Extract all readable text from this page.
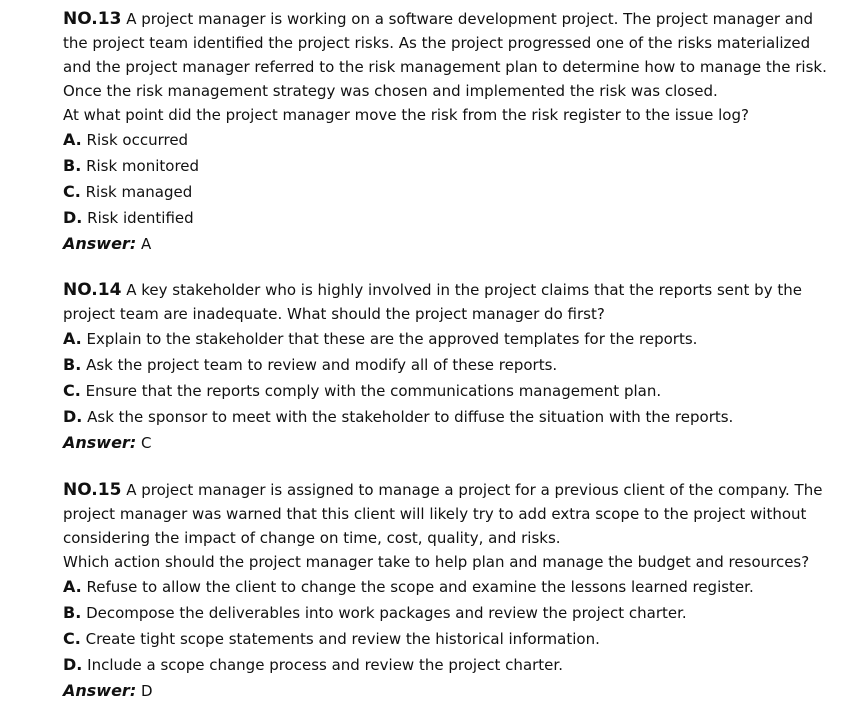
NO.13 A project manager is working on a software development project. The project manager and the project team identified the project risks. As the project progressed one of the risks materialized and the project manager referred to the risk management plan to determine how to manage the risk. Once the risk management strategy was chosen and implemented the risk was closed.

At what point did the project manager move the risk from the risk register to the issue log?

A. Risk occurred

B. Risk monitored

C. Risk managed

D. Risk identified

Answer: A

NO.14 A key stakeholder who is highly involved in the project claims that the reports sent by the project team are inadequate. What should the project manager do first?

A. Explain to the stakeholder that these are the approved templates for the reports.

B. Ask the project team to review and modify all of these reports.

C. Ensure that the reports comply with the communications management plan.

D. Ask the sponsor to meet with the stakeholder to diffuse the situation with the reports.

Answer: C

NO.15 A project manager is assigned to manage a project for a previous client of the company. The project manager was warned that this client will likely try to add extra scope to the project without considering the impact of change on time, cost, quality, and risks.

Which action should the project manager take to help plan and manage the budget and resources?

A. Refuse to allow the client to change the scope and examine the lessons learned register.

B. Decompose the deliverables into work packages and review the project charter.

C. Create tight scope statements and review the historical information.

D. Include a scope change process and review the project charter.

Answer: D
